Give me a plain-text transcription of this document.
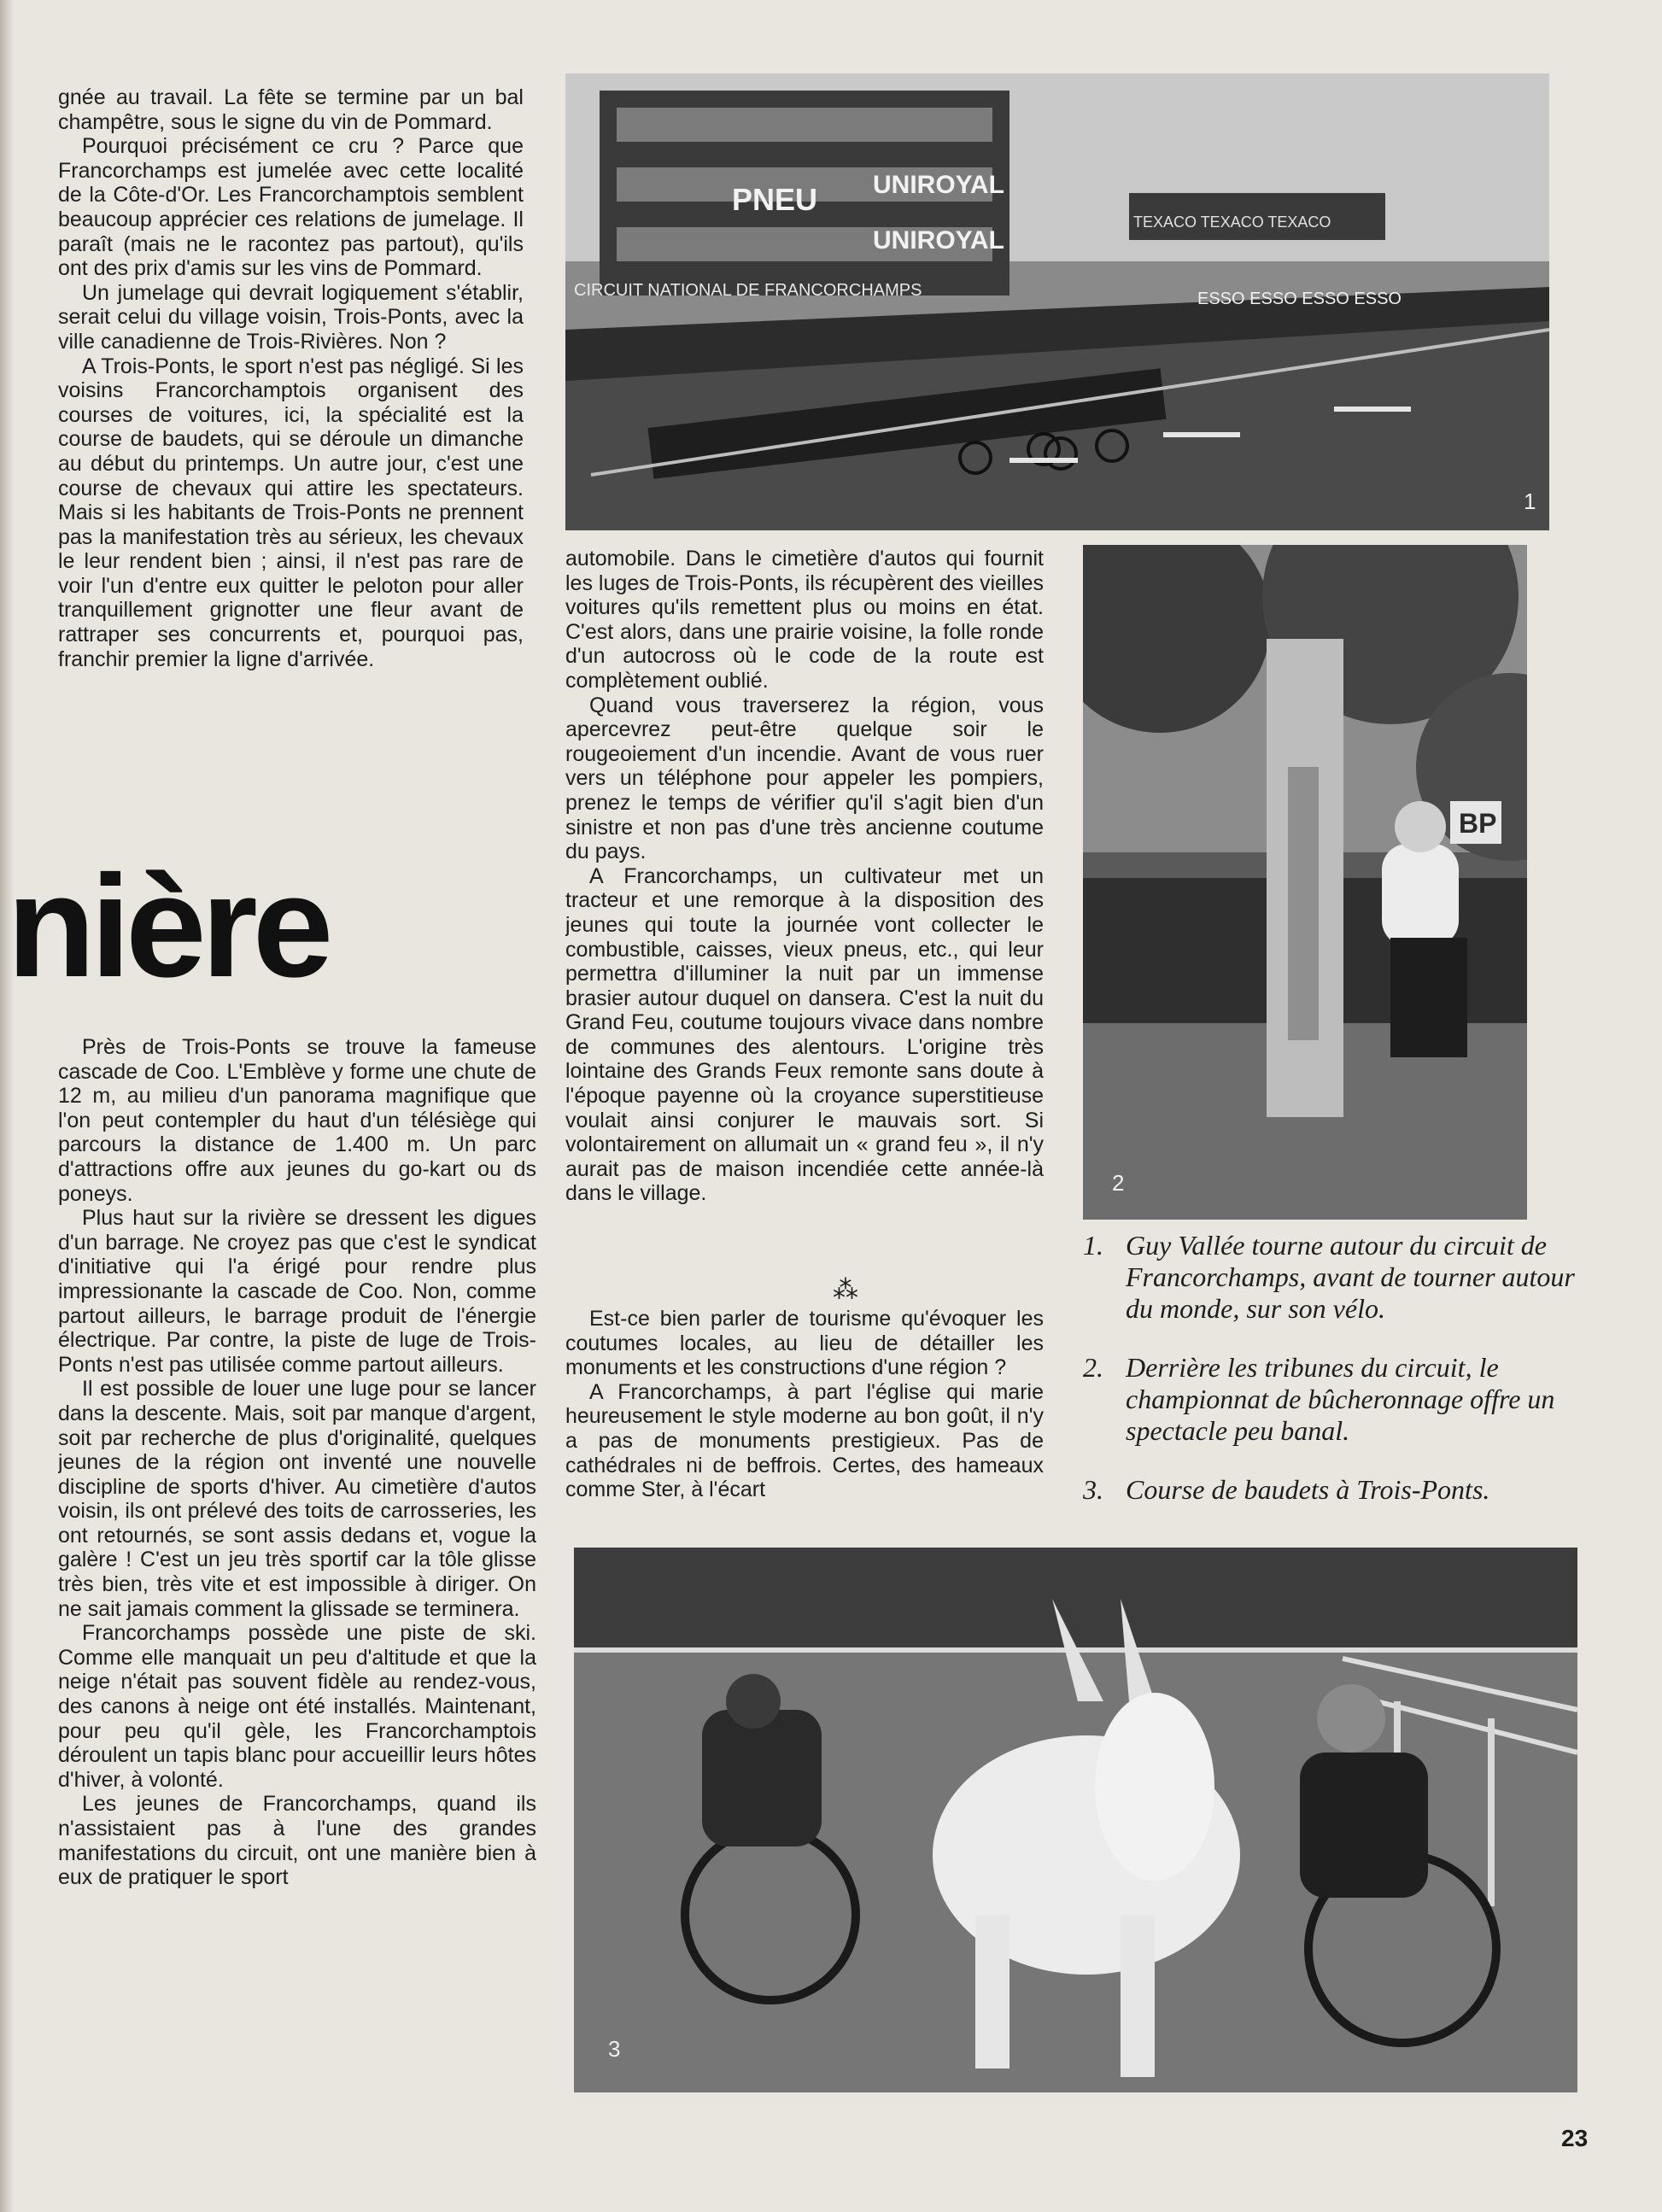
gnée au travail. La fête se termine par un bal champêtre, sous le signe du vin de Pommard.

Pourquoi précisément ce cru ? Parce que Francorchamps est jumelée avec cette localité de la Côte-d'Or. Les Francorchamptois semblent beaucoup apprécier ces relations de jumelage. Il paraît (mais ne le racontez pas partout), qu'ils ont des prix d'amis sur les vins de Pommard.

Un jumelage qui devrait logiquement s'établir, serait celui du village voisin, Trois-Ponts, avec la ville canadienne de Trois-Rivières. Non ?

A Trois-Ponts, le sport n'est pas négligé. Si les voisins Francorchamptois organisent des courses de voitures, ici, la spécialité est la course de baudets, qui se déroule un dimanche au début du printemps. Un autre jour, c'est une course de chevaux qui attire les spectateurs. Mais si les habitants de Trois-Ponts ne prennent pas la manifestation très au sérieux, les chevaux le leur rendent bien ; ainsi, il n'est pas rare de voir l'un d'entre eux quitter le peloton pour aller tranquillement grignotter une fleur avant de rattraper ses concurrents et, pourquoi pas, franchir premier la ligne d'arrivée.

nière

Près de Trois-Ponts se trouve la fameuse cascade de Coo. L'Emblève y forme une chute de 12 m, au milieu d'un panorama magnifique que l'on peut contempler du haut d'un télésiège qui parcours la distance de 1.400 m. Un parc d'attractions offre aux jeunes du go-kart ou ds poneys.

Plus haut sur la rivière se dressent les digues d'un barrage. Ne croyez pas que c'est le syndicat d'initiative qui l'a érigé pour rendre plus impressionante la cascade de Coo. Non, comme partout ailleurs, le barrage produit de l'énergie électrique. Par contre, la piste de luge de Trois-Ponts n'est pas utilisée comme partout ailleurs.

Il est possible de louer une luge pour se lancer dans la descente. Mais, soit par manque d'argent, soit par recherche de plus d'originalité, quelques jeunes de la région ont inventé une nouvelle discipline de sports d'hiver. Au cimetière d'autos voisin, ils ont prélevé des toits de carrosseries, les ont retournés, se sont assis dedans et, vogue la galère ! C'est un jeu très sportif car la tôle glisse très bien, très vite et est impossible à diriger. On ne sait jamais comment la glissade se terminera.

Francorchamps possède une piste de ski. Comme elle manquait un peu d'altitude et que la neige n'était pas souvent fidèle au rendez-vous, des canons à neige ont été installés. Maintenant, pour peu qu'il gèle, les Francorchamptois déroulent un tapis blanc pour accueillir leurs hôtes d'hiver, à volonté.

Les jeunes de Francorchamps, quand ils n'assistaient pas à l'une des grandes manifestations du circuit, ont une manière bien à eux de pratiquer le sport

automobile. Dans le cimetière d'autos qui fournit les luges de Trois-Ponts, ils récupèrent des vieilles voitures qu'ils remettent plus ou moins en état. C'est alors, dans une prairie voisine, la folle ronde d'un autocross où le code de la route est complètement oublié.

Quand vous traverserez la région, vous apercevrez peut-être quelque soir le rougeoiement d'un incendie. Avant de vous ruer vers un téléphone pour appeler les pompiers, prenez le temps de vérifier qu'il s'agit bien d'un sinistre et non pas d'une très ancienne coutume du pays.

A Francorchamps, un cultivateur met un tracteur et une remorque à la disposition des jeunes qui toute la journée vont collecter le combustible, caisses, vieux pneus, etc., qui leur permettra d'illuminer la nuit par un immense brasier autour duquel on dansera. C'est la nuit du Grand Feu, coutume toujours vivace dans nombre de communes des alentours. L'origine très lointaine des Grands Feux remonte sans doute à l'époque payenne où la croyance superstitieuse voulait ainsi conjurer le mauvais sort. Si volontairement on allumait un « grand feu », il n'y aurait pas de maison incendiée cette année-là dans le village.

⁂

Est-ce bien parler de tourisme qu'évoquer les coutumes locales, au lieu de détailler les monuments et les constructions d'une région ?

A Francorchamps, à part l'église qui marie heureusement le style moderne au bon goût, il n'y a pas de monuments prestigieux. Pas de cathédrales ni de beffrois. Certes, des hameaux comme Ster, à l'écart

UNIROYAL
PNEU
UNIROYAL
CIRCUIT NATIONAL DE FRANCORCHAMPS
TEXACO TEXACO TEXACO
ESSO ESSO ESSO ESSO
1
BP
2
1. Guy Vallée tourne autour du circuit de Francorchamps, avant de tourner autour du monde, sur son vélo.
2. Derrière les tribunes du circuit, le championnat de bûcheronnage offre un spectacle peu banal.
3. Course de baudets à Trois-Ponts.
3
23
